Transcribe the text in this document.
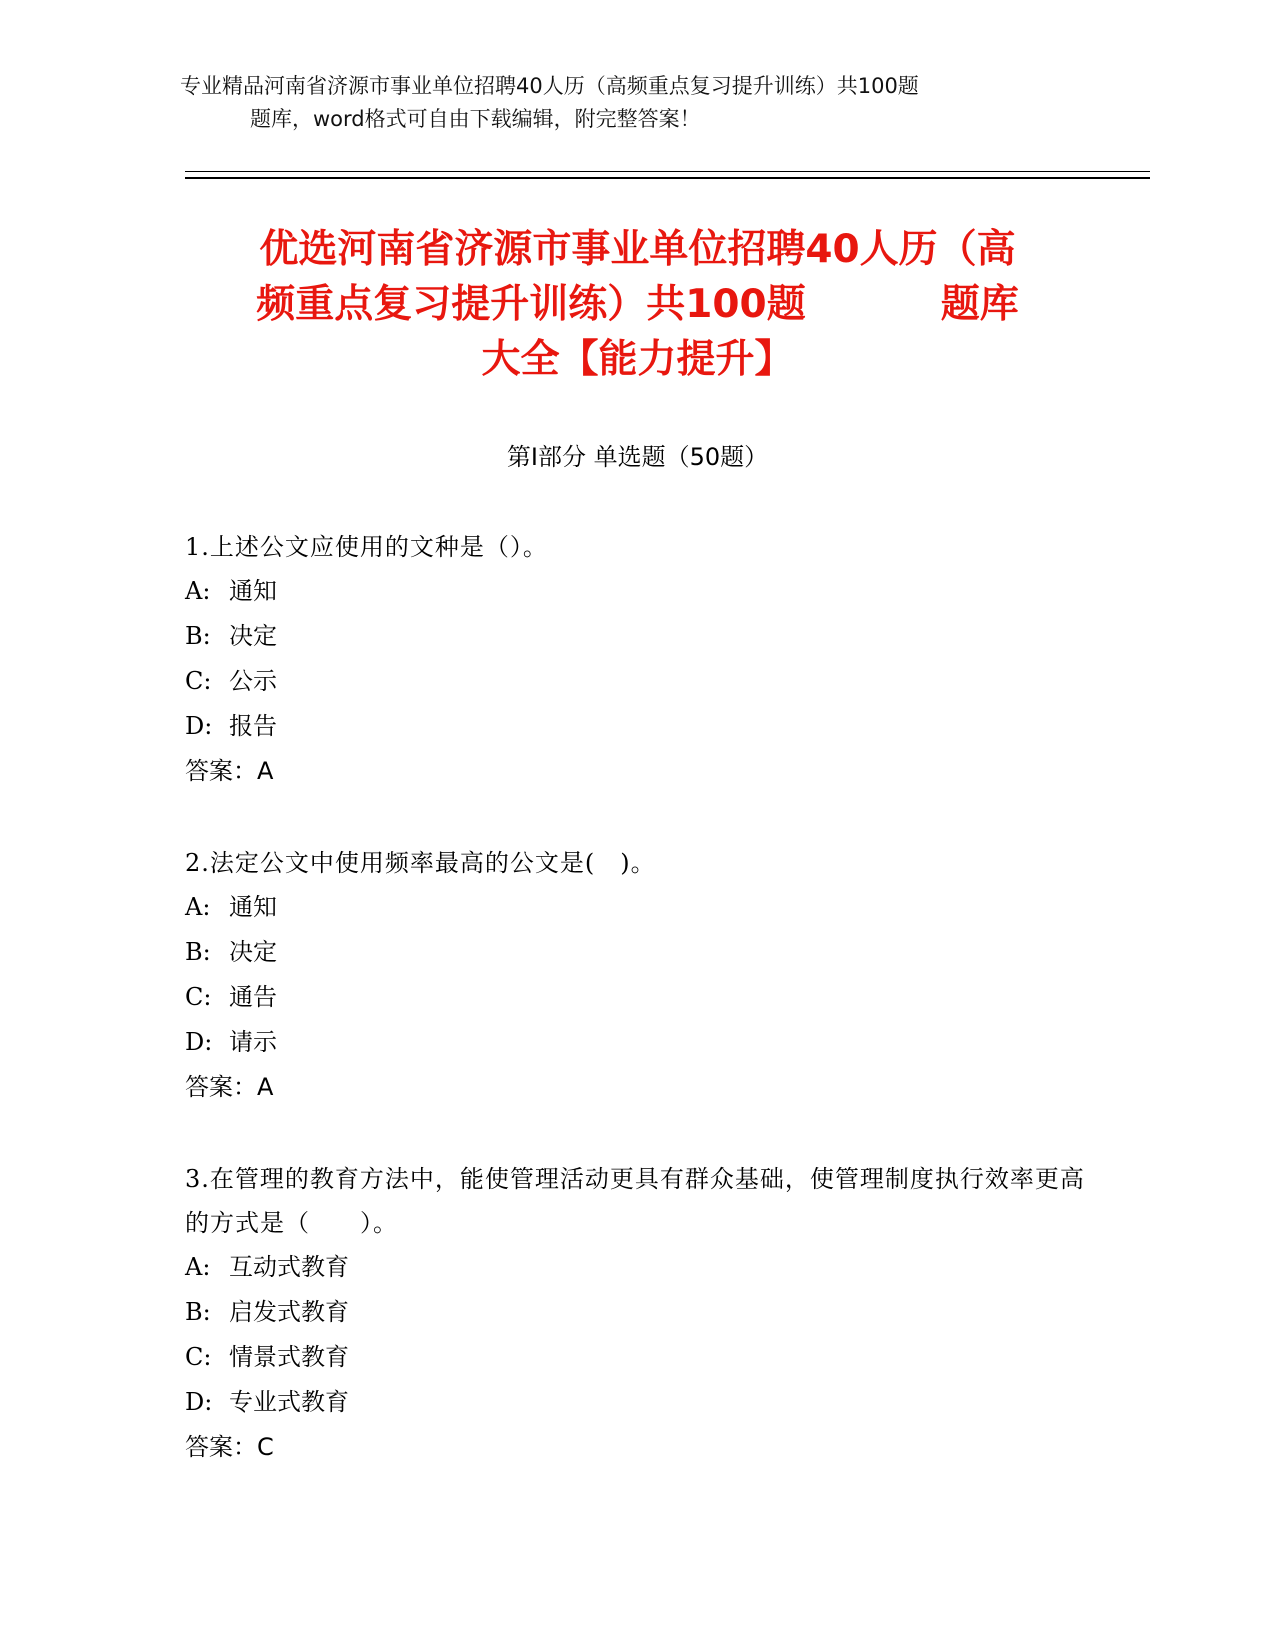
专业精品河南省济源市事业单位招聘40人历（高频重点复习提升训练）共100题
题库，word格式可自由下载编辑，附完整答案！
优选河南省济源市事业单位招聘40人历（高
频重点复习提升训练）共100题	题库
大全【能力提升】
第Ⅰ部分 单选题（50题）
1.上述公文应使用的文种是（）。
A: 通知
B: 决定
C: 公示
D: 报告
答案：A
2.法定公文中使用频率最高的公文是(　)。
A: 通知
B: 决定
C: 通告
D: 请示
答案：A
3.在管理的教育方法中，能使管理活动更具有群众基础，使管理制度执行效率更高的方式是（　　）。
A: 互动式教育
B: 启发式教育
C: 情景式教育
D: 专业式教育
答案：C
